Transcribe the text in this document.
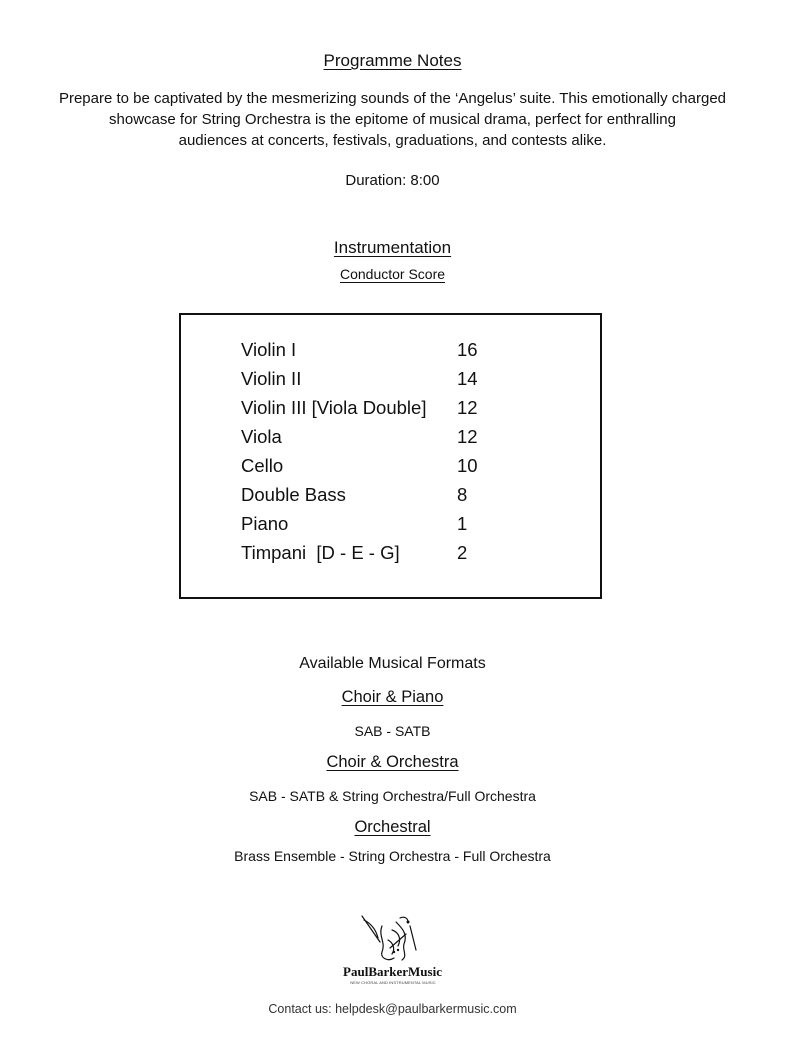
Programme Notes
Prepare to be captivated by the mesmerizing sounds of the ‘Angelus’ suite. This emotionally charged
showcase for String Orchestra is the epitome of musical drama, perfect for enthralling
audiences at concerts, festivals, graduations, and contests alike.
Duration: 8:00
Instrumentation
Conductor Score
Violin I	16
Violin II	14
Violin III [Viola Double] 12
Viola	12
Cello	10
Double Bass	8
Piano	1
Timpani  [D - E - G]	2
Available Musical Formats
Choir & Piano
SAB - SATB
Choir & Orchestra
SAB - SATB & String Orchestra/Full Orchestra
Orchestral
Brass Ensemble - String Orchestra - Full Orchestra
PaulBarkerMusic
NEW CHORAL AND INSTRUMENTAL MUSIC
Contact us: helpdesk@paulbarkermusic.com
